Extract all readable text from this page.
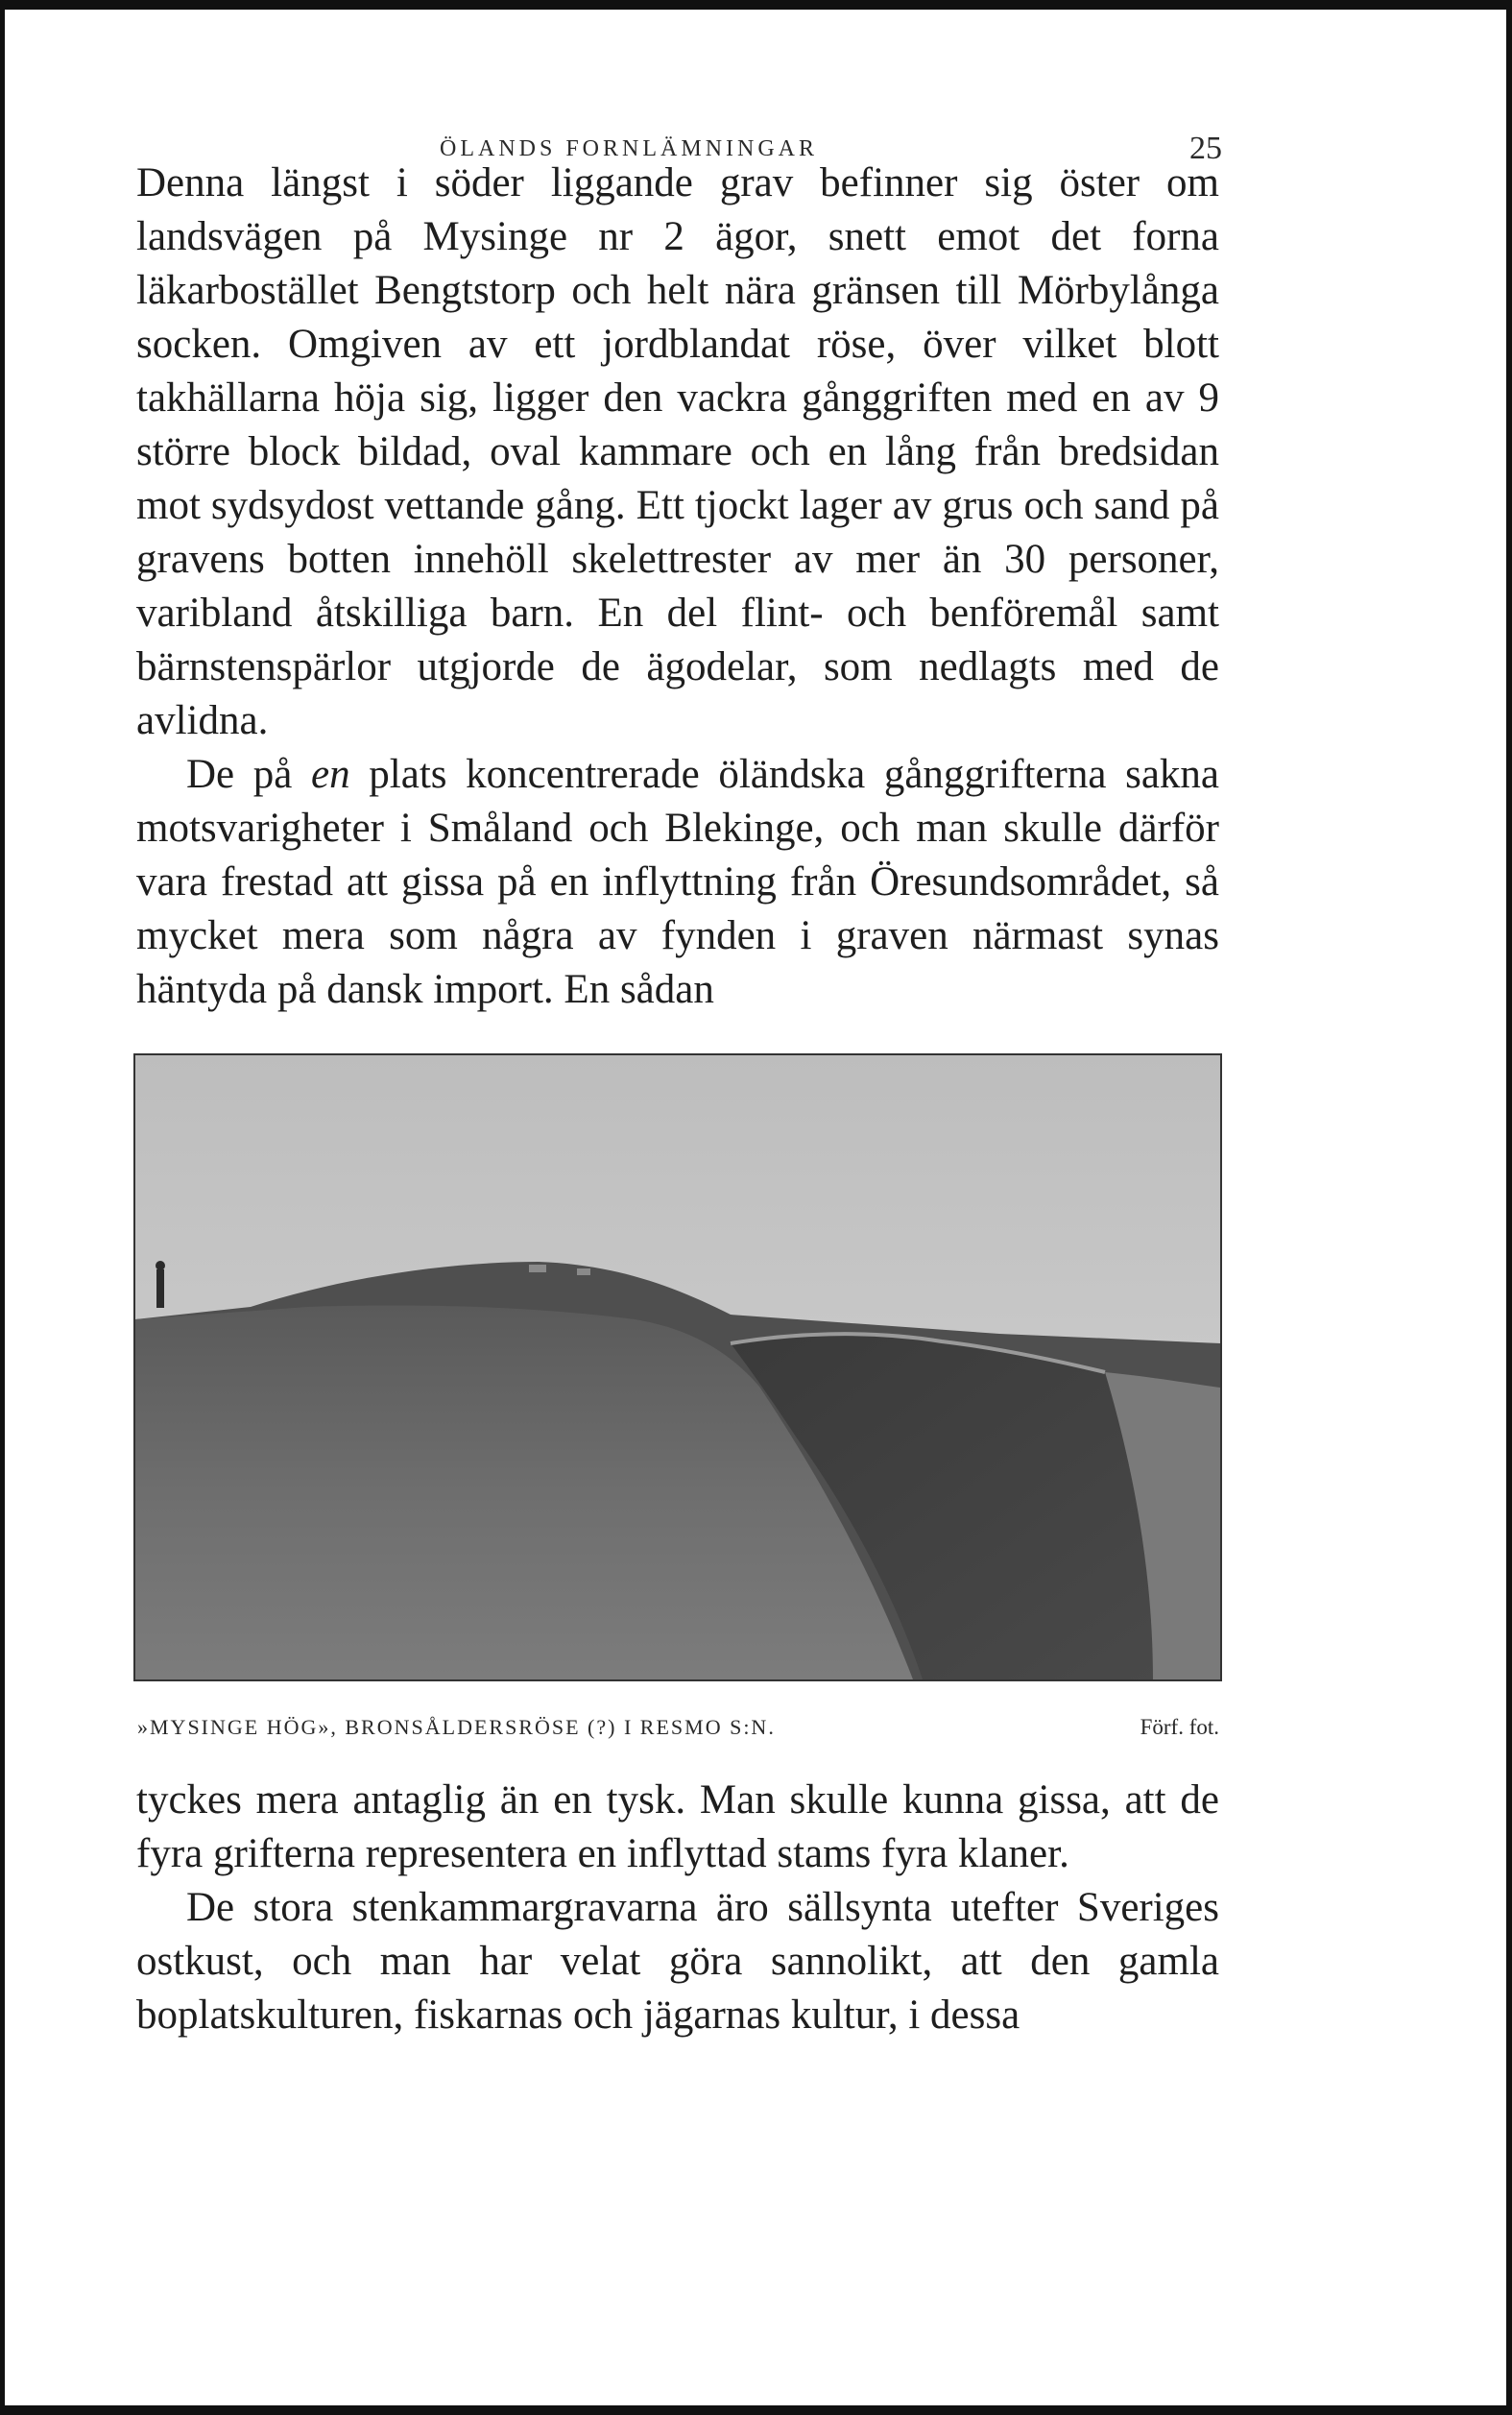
ÖLANDS FORNLÄMNINGAR	25

Denna längst i söder liggande grav befinner sig öster om landsvägen på Mysinge nr 2 ägor, snett emot det forna läkarbostället Bengtstorp och helt nära gränsen till Mörbylånga socken. Omgiven av ett jordblandat röse, över vilket blott takhällarna höja sig, ligger den vackra gånggriften med en av 9 större block bildad, oval kammare och en lång från bredsidan mot sydsydost vettande gång. Ett tjockt lager av grus och sand på gravens botten innehöll skelettrester av mer än 30 personer, varibland åtskilliga barn. En del flint- och benföremål samt bärnstenspärlor utgjorde de ägodelar, som nedlagts med de avlidna.

De på en plats koncentrerade öländska gånggrifterna sakna motsvarigheter i Småland och Blekinge, och man skulle därför vara frestad att gissa på en inflyttning från Öresundsområdet, så mycket mera som några av fynden i graven närmast synas häntyda på dansk import. En sådan

»MYSINGE HÖG», BRONSÅLDERSRÖSE (?) I RESMO S:N.	Förf. fot.

tyckes mera antaglig än en tysk. Man skulle kunna gissa, att de fyra grifterna representera en inflyttad stams fyra klaner.

De stora stenkammargravarna äro sällsynta utefter Sveriges ostkust, och man har velat göra sannolikt, att den gamla boplatskulturen, fiskarnas och jägarnas kultur, i dessa
